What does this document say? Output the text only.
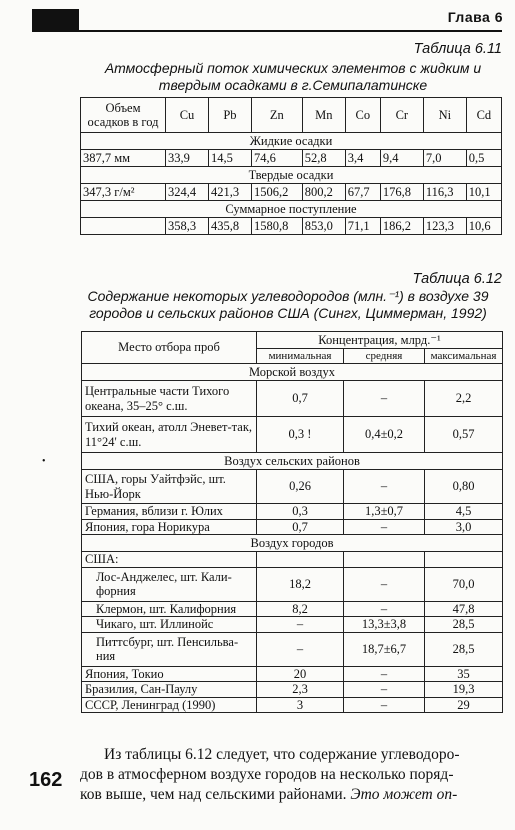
Глава 6
Таблица 6.11
Атмосферный поток химических элементов с жидким и твердым осадками в г.Семипалатинске
Объем осадков в год	Cu	Pb	Zn	Mn	Co	Cr	Ni	Cd
Жидкие осадки								
387,7 мм	33,9	14,5	74,6	52,8	3,4	9,4	7,0	0,5
Твердые осадки								
347,3 г/м²	324,4	421,3	1506,2	800,2	67,7	176,8	116,3	10,1
Суммарное поступление								
	358,3	435,8	1580,8	853,0	71,1	186,2	123,3	10,6
Таблица 6.12
Содержание некоторых углеводородов (млн.⁻¹) в воздухе 39 городов и сельских районов США (Сингх, Циммерман, 1992)
Место отбора проб	Концентрация, млрд.⁻¹		
	минимальная	средняя	максимальная
Морской воздух			
Центральные части Тихого океана, 35–25° с.ш.	0,7	–	2,2
Тихий океан, атолл Эневет-так, 11°24' с.ш.	0,3 !	0,4±0,2	0,57
Воздух сельских районов			
США, горы Уайтфэйс, шт. Нью-Йорк	0,26	–	0,80
Германия, вблизи г. Юлих	0,3	1,3±0,7	4,5
Япония, гора Норикура	0,7	–	3,0
Воздух городов			
США:			
Лос-Анджелес, шт. Кали-форния	18,2	–	70,0
Клермон, шт. Калифорния	8,2	–	47,8
Чикаго, шт. Иллинойс	–	13,3±3,8	28,5
Питтсбург, шт. Пенсильва-ния	–	18,7±6,7	28,5
Япония, Токио	20	–	35
Бразилия, Сан-Паулу	2,3	–	19,3
СССР, Ленинград (1990)	3	–	29
•
Из таблицы 6.12 следует, что содержание углеводоро-
дов в атмосферном воздухе городов на несколько поряд-
ков выше, чем над сельскими районами. Это может оп-
162
